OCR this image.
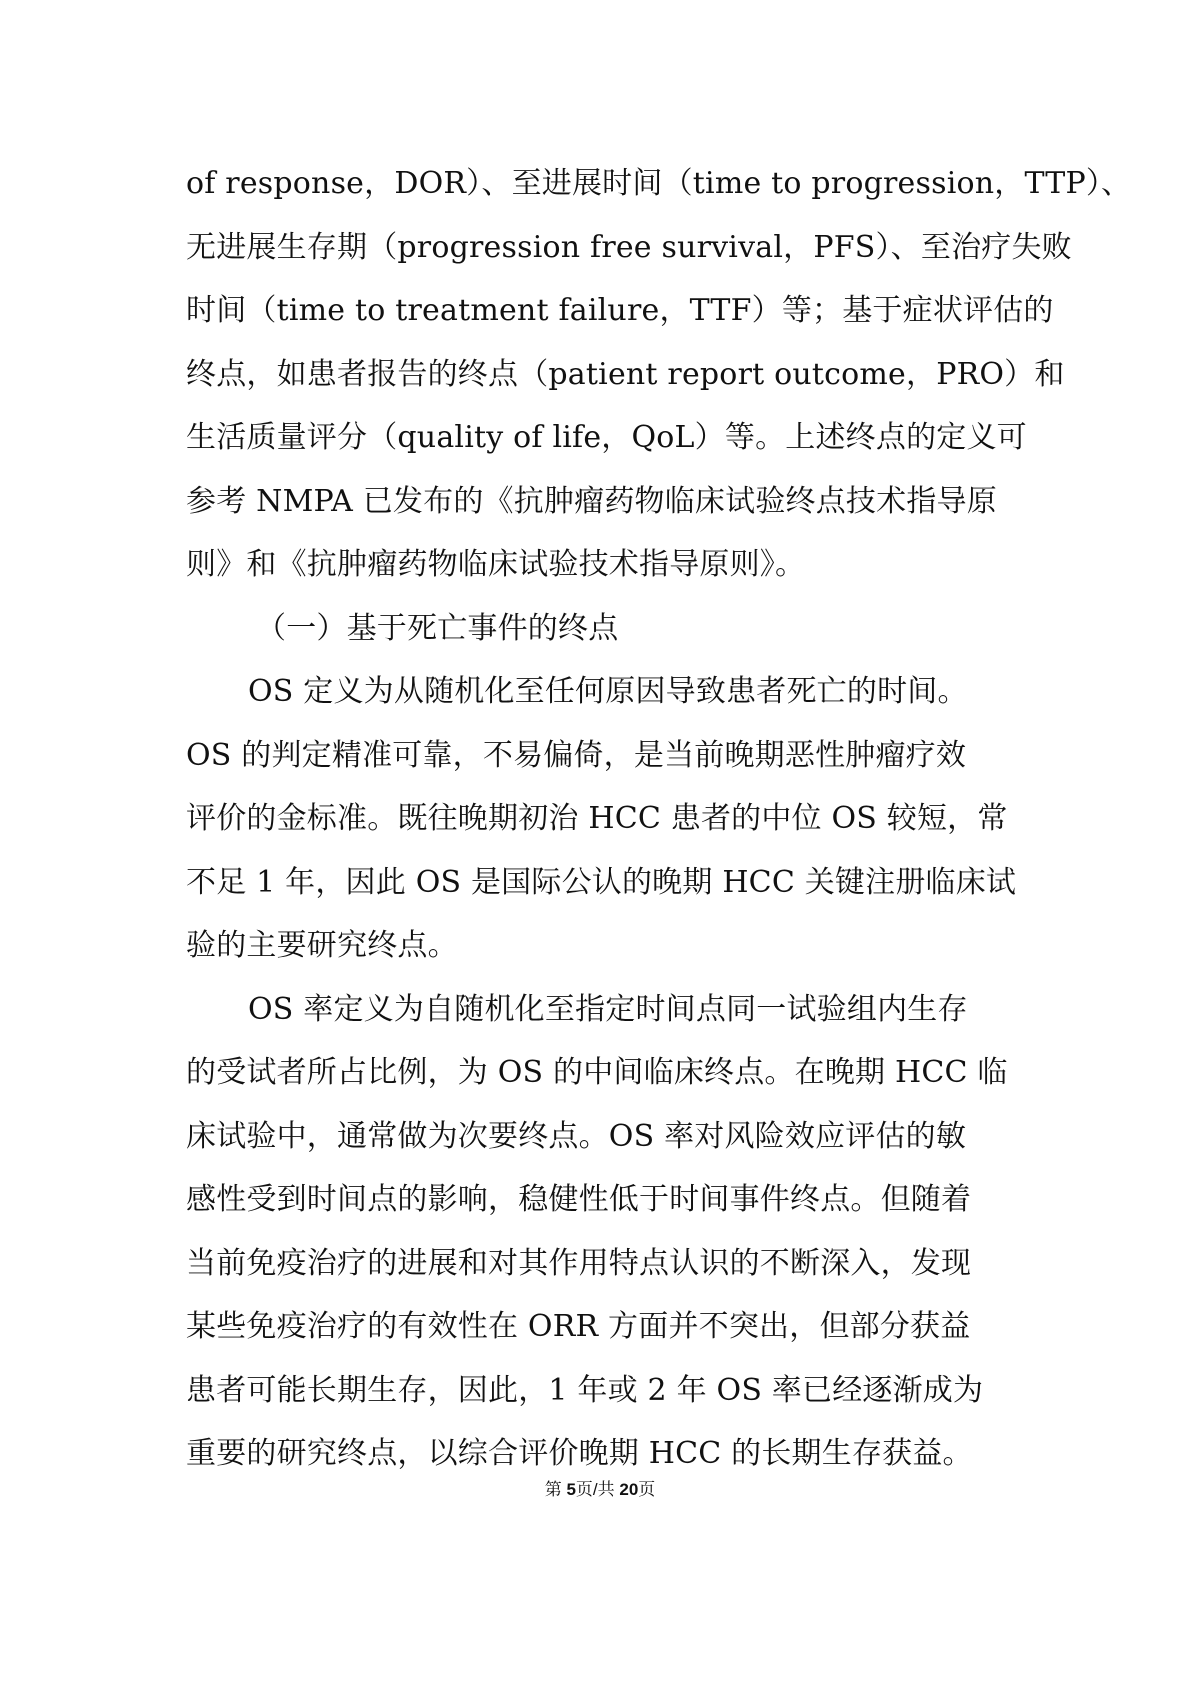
of response，DOR）、至进展时间（time to progression，TTP）、
无进展生存期（progression free survival，PFS）、至治疗失败
时间（time to treatment failure，TTF）等；基于症状评估的
终点，如患者报告的终点（patient report outcome，PRO）和
生活质量评分（quality of life，QoL）等。上述终点的定义可
参考 NMPA 已发布的《抗肿瘤药物临床试验终点技术指导原
则》和《抗肿瘤药物临床试验技术指导原则》。
（一）基于死亡事件的终点
OS 定义为从随机化至任何原因导致患者死亡的时间。
OS 的判定精准可靠，不易偏倚，是当前晚期恶性肿瘤疗效
评价的金标准。既往晚期初治 HCC 患者的中位 OS 较短，常
不足 1 年，因此 OS 是国际公认的晚期 HCC 关键注册临床试
验的主要研究终点。
OS 率定义为自随机化至指定时间点同一试验组内生存
的受试者所占比例，为 OS 的中间临床终点。在晚期 HCC 临
床试验中，通常做为次要终点。OS 率对风险效应评估的敏
感性受到时间点的影响，稳健性低于时间事件终点。但随着
当前免疫治疗的进展和对其作用特点认识的不断深入，发现
某些免疫治疗的有效性在 ORR 方面并不突出，但部分获益
患者可能长期生存，因此，1 年或 2 年 OS 率已经逐渐成为
重要的研究终点，以综合评价晚期 HCC 的长期生存获益。
第 5页/共 20页
